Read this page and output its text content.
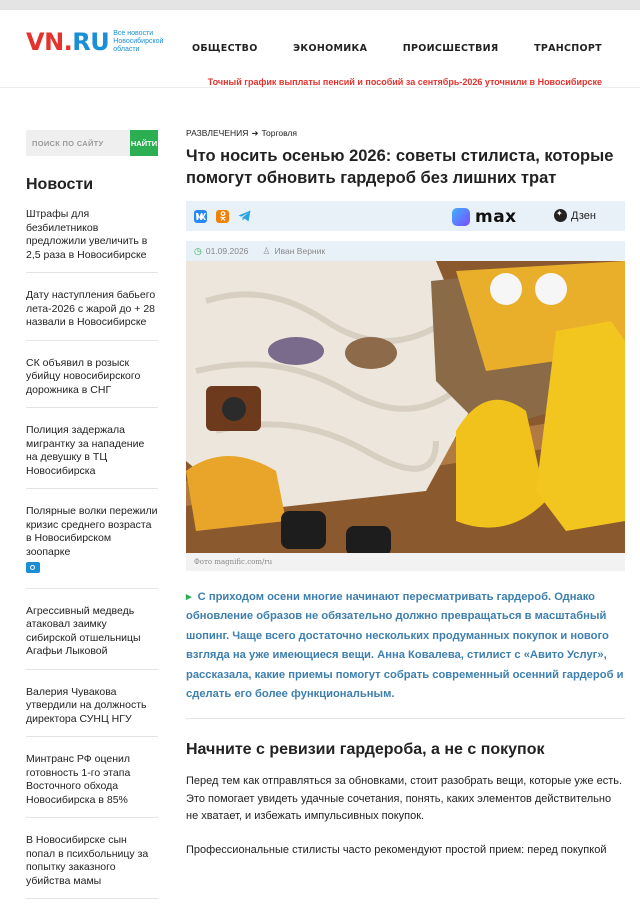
VN.RU Все новости Новосибирской области	ОБЩЕСТВО	ЭКОНОМИКА	ПРОИСШЕСТВИЯ	ТРАНСПОРТ
Точный график выплаты пенсий и пособий за сентябрь-2026 уточнили в Новосибирске
ПОИСК ПО САЙТУ
НАЙТИ
Новости
Штрафы для безбилетников предложили увеличить в 2,5 раза в Новосибирске
Дату наступления бабьего лета-2026 с жарой до + 28 назвали в Новосибирске
СК объявил в розыск убийцу новосибирского дорожника в СНГ
Полиция задержала мигрантку за нападение на девушку в ТЦ Новосибирска
Полярные волки пережили кризис среднего возраста в Новосибирском зоопарке

Агрессивный медведь атаковал заимку сибирской отшельницы Агафьи Лыковой
Валерия Чувакова утвердили на должность директора СУНЦ НГУ
Минтранс РФ оценил готовность 1-го этапа Восточного обхода Новосибирска в 85%
В Новосибирске сын попал в психбольницу за попытку заказного убийства мамы
РАЗВЛЕЧЕНИЯ ➜ Торговля
Что носить осенью 2026: советы стилиста, которые помогут обновить гардероб без лишних трат
max
✦	Дзен
◷ 01.09.2026 ♙ Иван Верник
Фото magnific.com/ru
▸ С приходом осени многие начинают пересматривать гардероб. Однако обновление образов не обязательно должно превращаться в масштабный шопинг. Чаще всего достаточно нескольких продуманных покупок и нового взгляда на уже имеющиеся вещи. Анна Ковалева, стилист с «Авито Услуг», рассказала, какие приемы помогут собрать современный осенний гардероб и сделать его более функциональным.
Начните с ревизии гардероба, а не с покупок

Перед тем как отправляться за обновками, стоит разобрать вещи, которые уже есть. Это помогает увидеть удачные сочетания, понять, каких элементов действительно не хватает, и избежать импульсивных покупок.

Профессиональные стилисты часто рекомендуют простой прием: перед покупкой
